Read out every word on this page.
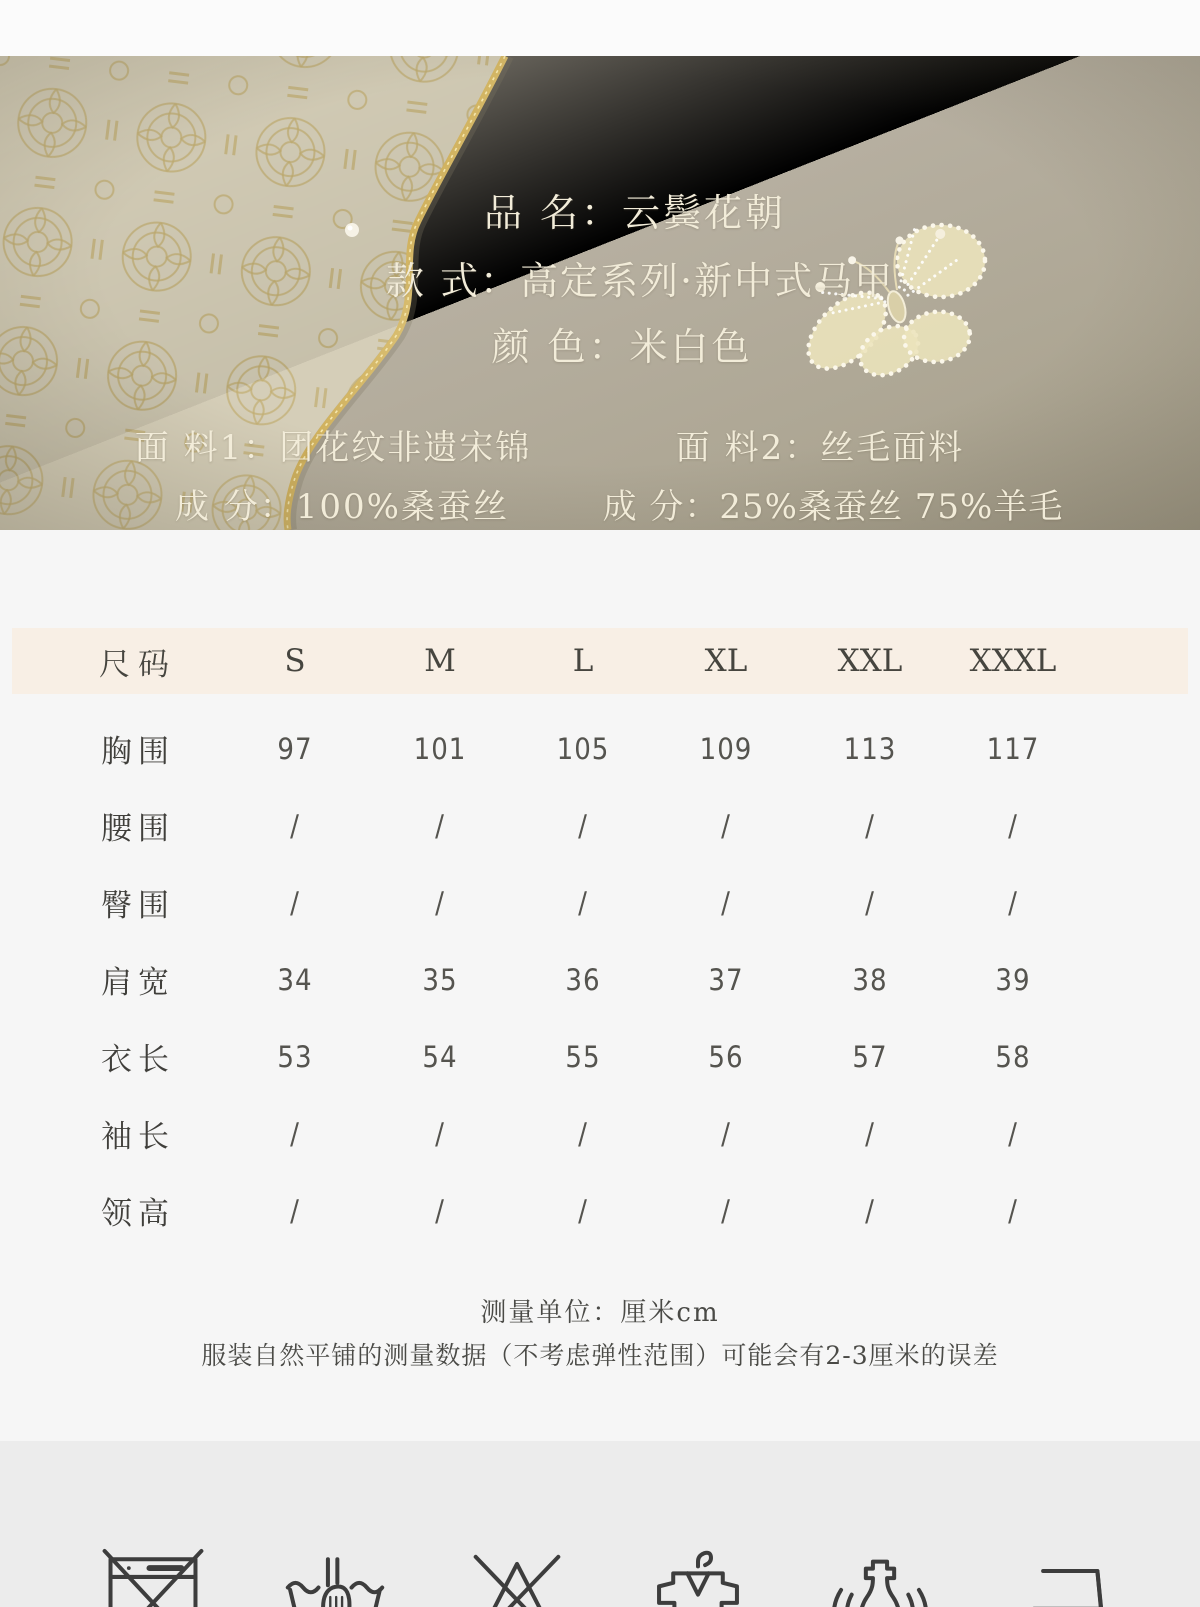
品 名：云鬓花朝
款 式：高定系列·新中式马甲
颜 色：米白色
面 料1：团花纹非遗宋锦
成 分：100%桑蚕丝
面 料2：丝毛面料
成 分：25%桑蚕丝 75%羊毛
尺码	S	M	L	XL	XXL	XXXL
胸围	97	101	105	109	113	117
腰围	/	/	/	/	/	/
臀围	/	/	/	/	/	/
肩宽	34	35	36	37	38	39
衣长	53	54	55	56	57	58
袖长	/	/	/	/	/	/
领高	/	/	/	/	/	/
测量单位：厘米cm
服装自然平铺的测量数据（不考虑弹性范围）可能会有2-3厘米的误差
